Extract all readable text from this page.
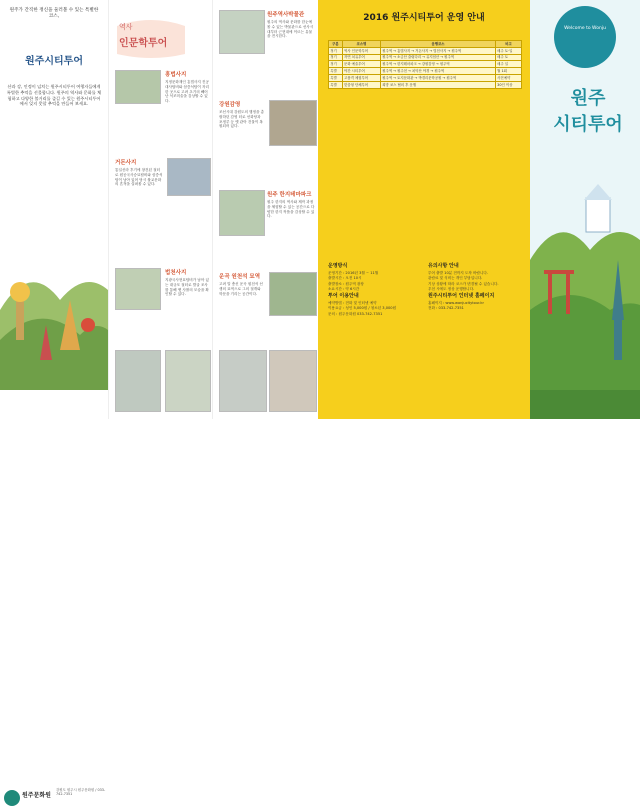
원주가 간직한 정신을 둘러볼 수 있는 특별한 코스,
원주시티투어
산과 강, 인정이 넘치는 원주시티투어 여행자들에게 특별한 추억을 선물합니다. 원주의 역사와 문화를 체험하고 다양한 볼거리를 즐길 수 있는 원주시티투어에서 잊지 못할 추억을 만들어 보세요.
원주문화원
강원도 원주시 원주문화원 / 033-742-7351
역사
인문학투어
흥법사지
지정문화재인 흥법사지 진공대사탑비와 삼층석탑이 자리한 곳으로 고려 초기의 빼어난 석조미술을 감상할 수 있다.
거돈사지
통일신라 후기에 창건된 절터로 원공국사승묘탑비와 삼층석탑이 남아 있어 당시 불교문화의 흔적을 살펴볼 수 있다.
법천사지
지광국사현묘탑비가 남아 있는 대규모 절터로 발굴 조사를 통해 옛 사찰의 모습을 확인할 수 있다.
원주역사박물관
원주의 역사와 문화를 한눈에 볼 수 있는 박물관으로 선사시대부터 근현대에 이르는 유물을 전시한다.
강원감영
조선시대 강원도의 행정을 총괄하던 감영 터로 선화당과 포정루 등 옛 관아 건물이 복원되어 있다.
원주 한지테마파크
원주 한지의 역사와 제작 과정을 체험할 수 있는 공간으로 다양한 한지 작품을 감상할 수 있다.
운곡 원천석 묘역
고려 말 충신 운곡 원천석 선생의 묘역으로 그의 절개와 학문을 기리는 공간이다.
2016 원주시티투어 운영 안내
구분	코스명	운행코스	비고
정기	역사 인문학투어	원주역 → 흥법사지 → 거돈사지 → 법천사지 → 원주역	매주 토·일
정기	자연 치유투어	원주역 → 소금산 출렁다리 → 뮤지엄산 → 원주역	매주 토
정기	문화 예술투어	원주역 → 한지테마파크 → 강원감영 → 원주역	매주 일
특별	야간 시티투어	원주역 → 원주천 → 치악산 야경 → 원주역	월 1회
특별	고품격 체험투어	원주역 → 토지문화관 → 박경리문학공원 → 원주역	사전예약
특별	맞춤형 단체투어	희망 코스 협의 후 운행	30인 이상
운영방식
운영기간 : 2016년 3월 ~ 11월
출발시간 : 오전 10시
출발장소 : 원주역 광장
소요시간 : 약 6시간
투어 이용안내
예약방법 : 전화 및 인터넷 예약
이용요금 : 성인 5,000원 / 청소년 3,000원
문의 : 원주문화원 033-742-7351
유의사항 안내
투어 출발 10분 전까지 도착 바랍니다.
관람료 및 식비는 개인 부담입니다.
기상 상황에 따라 코스가 변경될 수 있습니다.
우천 시에도 정상 운행합니다.
원주시티투어 인터넷 홈페이지
홈페이지 : www.wonjucitytour.kr
전화 : 033-742-7351
Welcome to Wonju
원주
시티투어
